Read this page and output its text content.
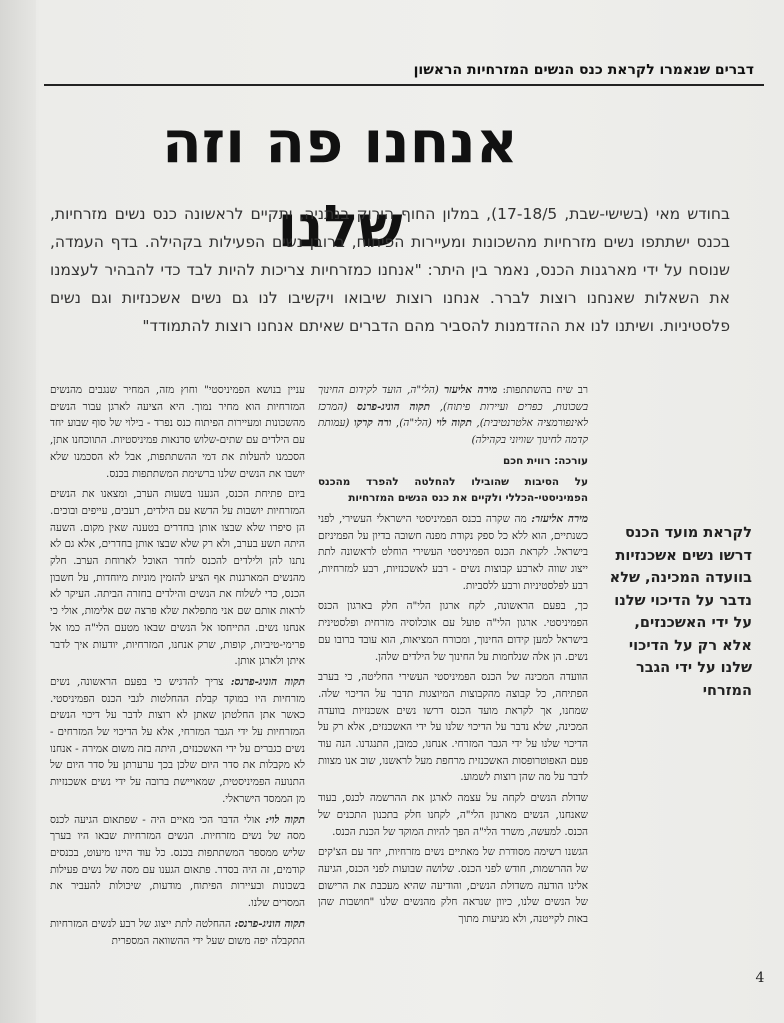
דברים שנאמרו לקראת כנס הנשים המזרחיות הראשון
אנחנו פה וזה שלנו
בחודש מאי (בשישי-שבת, 17-18/5), במלון החוף הירוק בנתניה, יתקיים לראשונה כנס נשים מזרחיות, בכנס ישתתפו נשים מזרחיות מהשכונות ומעיירות הפיתוח, ברובן נשים הפעילות בקהילה. בדף העמדה, שנוסח על ידי מארגנות הכנס, נאמר בין היתר: "אנחנו כמזרחיות צריכות להיות לבד כדי להבהיר לעצמנו את השאלות שאנחנו רוצות לברר. אנחנו רוצות שיבואו ויקשיבו לנו גם נשים אשכנזיות וגם נשים פלסטיניות. ושיתנו לנו את ההזדמנות להסביר מהם הדברים שאיתם אנחנו רוצות להתמודד"

רב שיח בהשתתפות: מירה אליעזר (הלי"ה, הועד לקידום החינוך בשכונות, כפרים ועיירות פיתוח), תקוה הוניג-פרנס (המרכז לאינפורמציה אלטרנטיבית), תקוה לוי (הלי"ה), ורה קרקו (עמותת קדמה לחינוך שוויוני בקהילה)

עורכה: רווית חכם

על הסיבות שהובילו להחלטה להפרד מהכנס הפמיניסטי-הכללי ולקיים את כנס הנשים המזרחיות

מירה אליעזר: מה שקרה בכנס הפמיניסטי הישראלי העשירי, לפני כשנתיים, הוא ללא כל ספק נקודת מפנה חשובה בדיון על הפמיניזם בישראל. לקראת הכנס הפמיניסטי העשירי הוחלט לראשונה לתת ייצוג שווה לארבע קבוצות נשים - רבע לאשכנזיות, רבע למזרחיות, רבע לפלסטיניות ורבע ללסביות.

כך, בפעם הראשונה, לקח ארגון הלי"ה חלק בארגון הכנס הפמיניסטי. ארגון הלי"ה פועל עם אוכלוסיה מזרחית ופלסטינית בישראל למען קידום החינוך, ומכורח המציאות, הוא עובד ברובו עם נשים. הן אלה שנלחמות על החינוך של הילדים שלהן.

הוועדה המכינה של הכנס הפמיניסטי העשירי החליטה, כי בערב הפתיחה, כל קבוצה מהקבוצות המיוצגות תדבר על הדיכוי שלה. שמחנו, אך לקראת מועד הכנס דרשו נשים אשכנזיות בוועדה המכינה, שלא נדבר על הדיכוי שלנו על ידי האשכנזים, אלא רק על הדיכוי שלנו על ידי הגבר המזרחי. אנחנו, כמובן, התנגדנו. הנה עוד פעם האפוטרופסות האשכנזית מרחפת מעל לראשנו, שוב אנו מצוות לדבר על מה שהן רוצות לשמוע.

שדולת הנשים לקחה על עצמה לארגן את ההרשמה לכנס, בעוד שאנחנו, הנשים מארגון הלי"ה, לקחנו חלק בתכנון התכנים של הכנס. למעשה, משרד הלי"ה הפך להיות המוקד של הכנת הכנס.

הגשנו רשימה מסודרת של מאתיים נשים מזרחיות, יחד עם הצ'קים של ההרשמות, חודש לפני הכנס. שלושה שבועות לפני הכנס, הגיעה אלינו הודעה משדולת הנשים, והודיעה שהיא מעכבת את הרישום של הנשים שלנו, כיוון שנראה חלק מהנשים שלנו "חושבות שהן באות לקייטנה, ולא מגיעות מתוך

עניין בנושא הפמיניסטי" וחוץ מזה, המחיר שנגבים מהנשים המזרחיות הוא מחיר נמוך. היא הציעה לארגן עבור הנשים מהשכונות ומעיירות הפיתוח כנס נפרד - בילוי של סוף שבוע יחד עם הילדים עם שתים-שלוש סדנאות פמיניסטיות. התווכחנו אתן, הסכמנו להעלות את דמי ההשתתפות, אבל לא הסכמנו שלא יושבו את הנשים שלנו ברשימת המשתתפות בכנס.

ביום פתיחת הכנס, הגענו בשעות הערב, ומצאנו את הנשים המזרחיות יושבות על הדשא עם הילדים, רעבים, עייפים ובוכים. הן סיפרו שלא שבצו אותן בחדרים בטענה שאין מקום. השעה היתה תשע בערב, ולא רק שלא שבצו אותן בחדרים, אלא גם לא נתנו להן ולילדים להכנס לחדר האוכל לארוחת הערב. חלק מהנשים המארגנות אף הציע להזמין מוניות מיוחדות, על חשבון הכנס, כדי לשלוח את הנשים והילדים בחזרה הביתה. העיקר לא לראות אותם שם אני מתפלאת שלא פרצה שם אלימות, אולי כי אנחנו נשים. התייחסו אל הנשים שבאו מטעם הלי"ה כמו אל פרימי-טיביות, קופות, שרק אנחנו, המזרחיות, יודעות איך לדבר איתן ולארגן אותן.

תקוה הוניג-פרנס: צריך להדגיש כי בפעם הראשונה, נשים מזרחיות היו במוקד קבלת ההחלטות לגבי הכנס הפמיניסטי. כאשר אתן החלטתן שאתן לא רוצות לדבר על דיכוי הנשים המזרחיות על ידי הגבר המזרחי, אלא על הדיכוי של המזרחים - נשים כגברים על ידי האשכנזים, היתה בזה משום אמירה - אנחנו לא מקבלות את סדר היום שלכן בכך ערערתן על סדר היום של התנועה הפמיניסטית, שמאויישת ברובה על ידי נשים אשכנזיות מן הממסד הישראלי.

תקוה לוי: אולי הדבר הכי מאיים היה - שפתאום הגיעה לכנס מסה של נשים מזרחיות. הנשים המזרחיות שבאו היו בערך שליש ממספר המשתתפות בכנס. כל עוד היינו מיעוט, בכנסים קודמים, זה היה בסדר. פתאום הגענו עם מסה של נשים פעילות בשכונות ובעיירות הפיתוח, מודעות, שיכולות להעביר את המסרים שלנו.

תקוה הוניג-פרנס: ההחלטה לתת ייצוג של רבע לנשים המזרחיות התקבלה יפה משום שעל ידי ההשוואה המספרית

לקראת מועד הכנס דרשו נשים אשכנזיות בוועדה המכינה, שלא נדבר על הדיכוי שלנו על ידי האשכנזים, אלא רק על הדיכוי שלנו על ידי הגבר המזרחי
4
